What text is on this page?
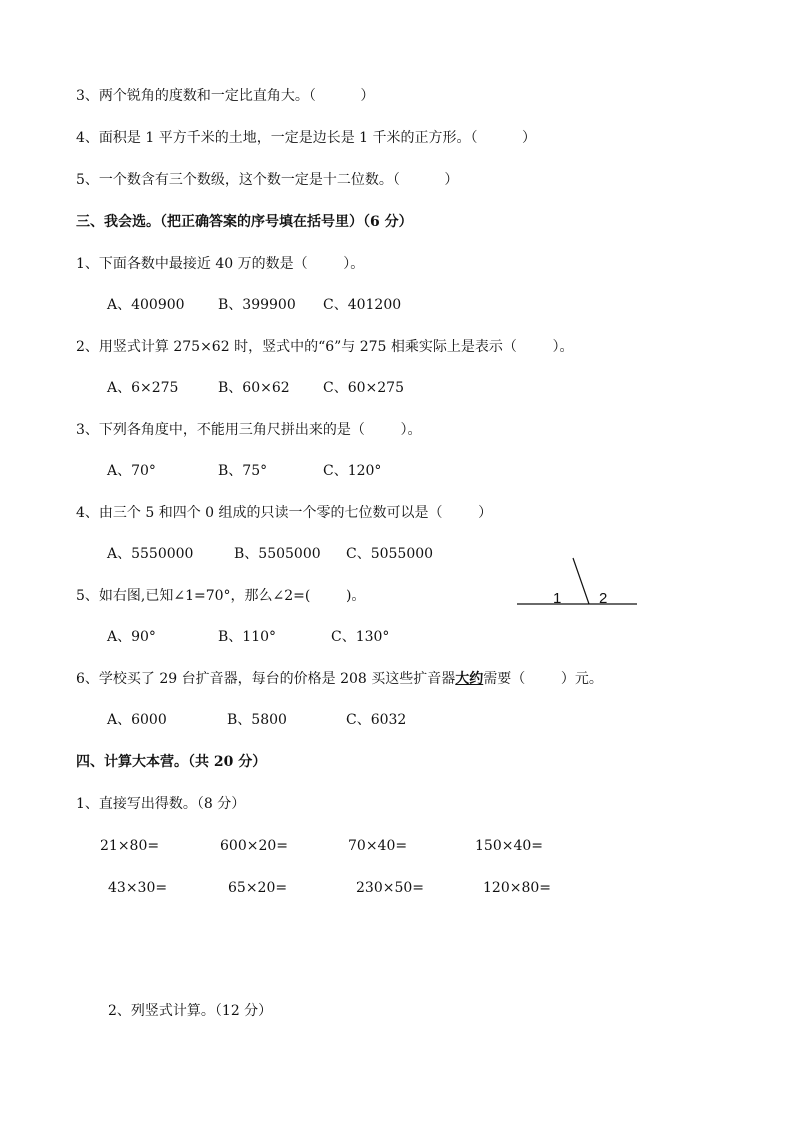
3、两个锐角的度数和一定比直角大。（          ）
4、面积是 1 平方千米的土地，一定是边长是 1 千米的正方形。（          ）
5、一个数含有三个数级，这个数一定是十二位数。（          ）
三、我会选。（把正确答案的序号填在括号里）（6 分）
1、下面各数中最接近 40 万的数是（        ）。
A、400900 B、399900 C、401200
2、用竖式计算 275×62 时，竖式中的“6”与 275 相乘实际上是表示（        ）。
A、6×275	B、60×62 C、60×275
3、下列各角度中，不能用三角尺拼出来的是（        ）。
A、70°	B、75°	C、120°
4、由三个 5 和四个 0 组成的只读一个零的七位数可以是（        ）
A、5550000	B、5505000 C、5055000
5、如右图,已知∠1=70°，那么∠2=(        )。	1	2
A、90°	B、110°	C、130°
6、学校买了 29 台扩音器，每台的价格是 208 买这些扩音器大约需要（        ）元。
A、6000	B、5800	C、6032
四、计算大本营。（共 20 分）
1、直接写出得数。（8 分）
21×80=	600×20=	70×40=	150×40=
43×30=	65×20=	230×50=	120×80=
2、列竖式计算。（12 分）
